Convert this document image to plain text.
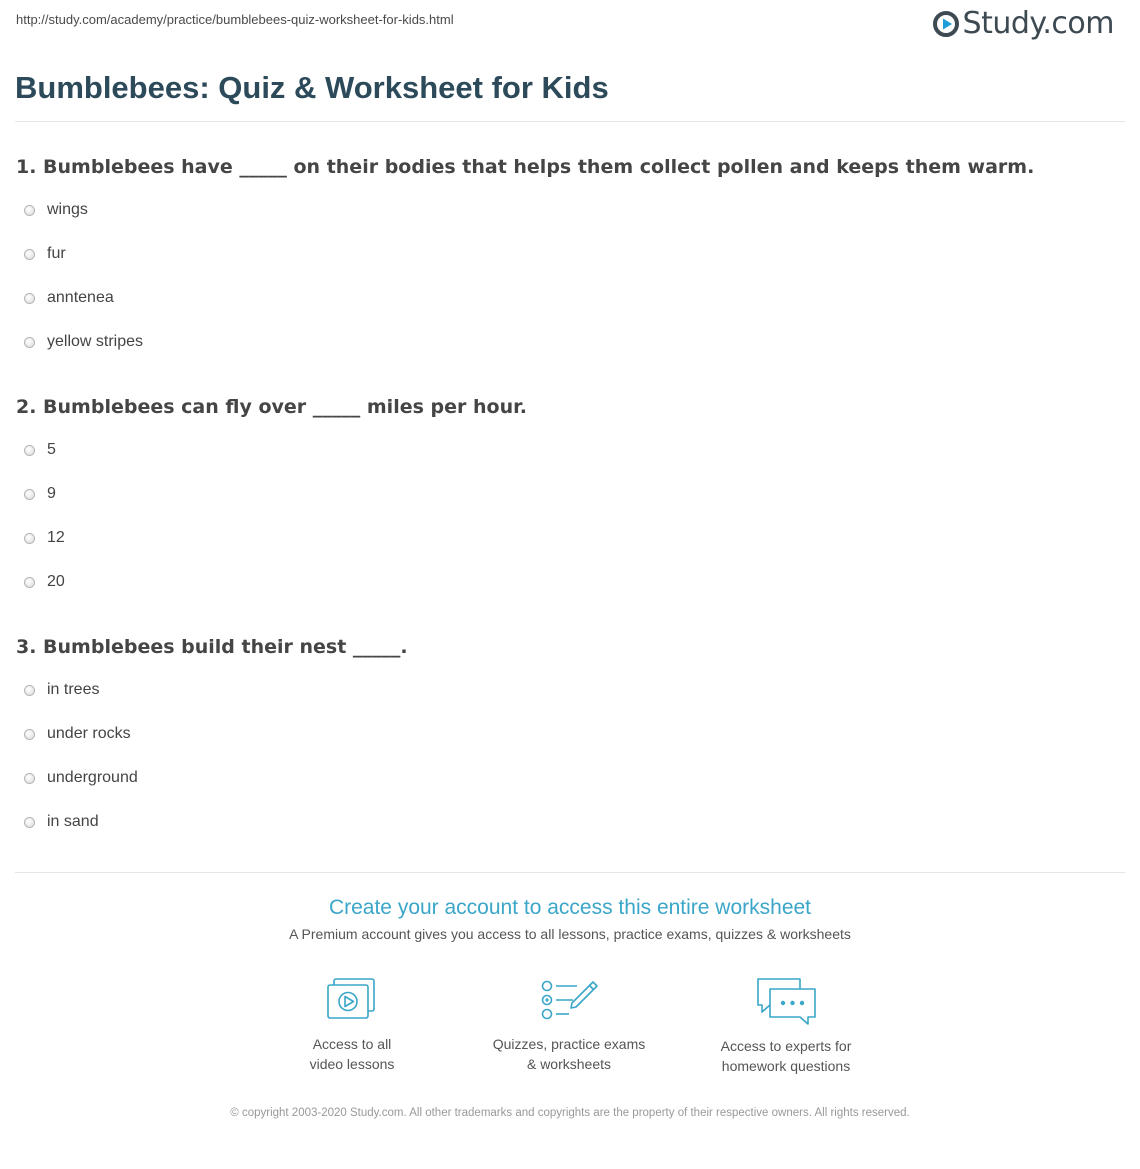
http://study.com/academy/practice/bumblebees-quiz-worksheet-for-kids.html	Study.com
Bumblebees: Quiz & Worksheet for Kids
1. Bumblebees have _____ on their bodies that helps them collect pollen and keeps them warm.
wings
fur
anntenea
yellow stripes
2. Bumblebees can fly over _____ miles per hour.
5
9
12
20
3. Bumblebees build their nest _____.
in trees
under rocks
underground
in sand
Create your account to access this entire worksheet
A Premium account gives you access to all lessons, practice exams, quizzes & worksheets
Access to all
video lessons
Quizzes, practice exams
& worksheets
Access to experts for
homework questions
© copyright 2003-2020 Study.com. All other trademarks and copyrights are the property of their respective owners. All rights reserved.
